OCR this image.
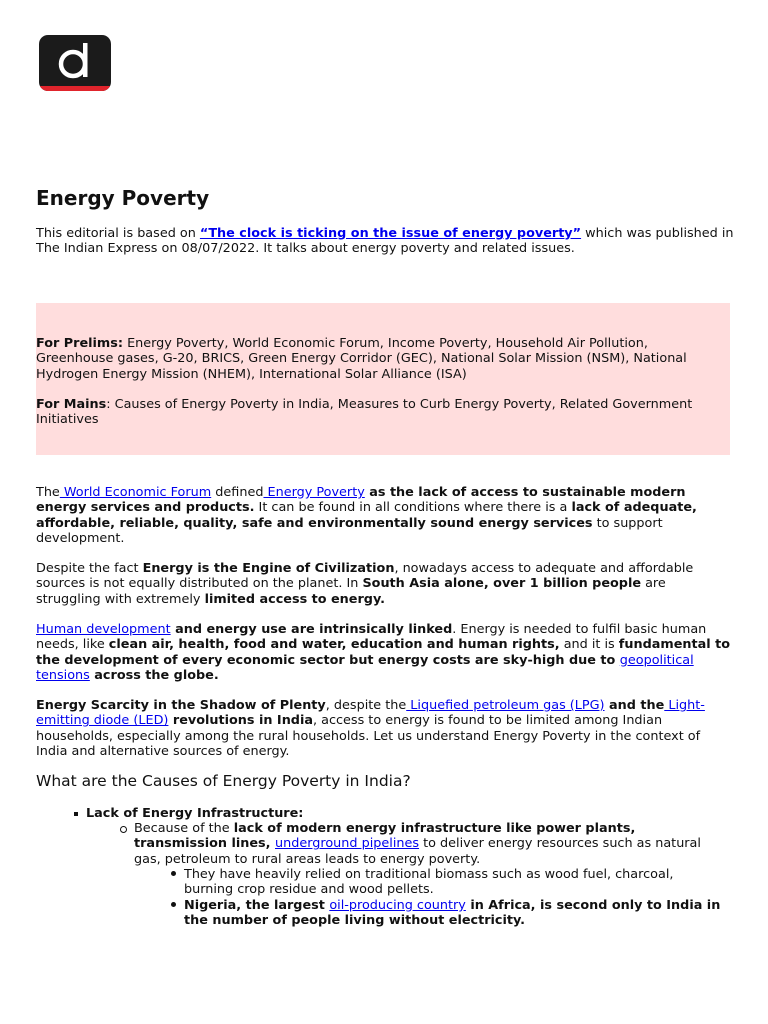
Energy Poverty

This editorial is based on “The clock is ticking on the issue of energy poverty” which was published in The Indian Express on 08/07/2022. It talks about energy poverty and related issues.

For Prelims: Energy Poverty, World Economic Forum, Income Poverty, Household Air Pollution, Greenhouse gases, G-20, BRICS, Green Energy Corridor (GEC), National Solar Mission (NSM), National Hydrogen Energy Mission (NHEM), International Solar Alliance (ISA)

For Mains: Causes of Energy Poverty in India, Measures to Curb Energy Poverty, Related Government Initiatives

The World Economic Forum defined Energy Poverty as the lack of access to sustainable modern energy services and products. It can be found in all conditions where there is a lack of adequate, affordable, reliable, quality, safe and environmentally sound energy services to support development.

Despite the fact Energy is the Engine of Civilization, nowadays access to adequate and affordable sources is not equally distributed on the planet. In South Asia alone, over 1 billion people are struggling with extremely limited access to energy.

Human development and energy use are intrinsically linked. Energy is needed to fulfil basic human needs, like clean air, health, food and water, education and human rights, and it is fundamental to the development of every economic sector but energy costs are sky-high due to geopolitical tensions across the globe.

Energy Scarcity in the Shadow of Plenty, despite the Liquefied petroleum gas (LPG) and the Light-emitting diode (LED) revolutions in India, access to energy is found to be limited among Indian households, especially among the rural households. Let us understand Energy Poverty in the context of India and alternative sources of energy.

What are the Causes of Energy Poverty in India?
Lack of Energy Infrastructure:
Because of the lack of modern energy infrastructure like power plants, transmission lines, underground pipelines to deliver energy resources such as natural gas, petroleum to rural areas leads to energy poverty.
They have heavily relied on traditional biomass such as wood fuel, charcoal, burning crop residue and wood pellets.
Nigeria, the largest oil-producing country in Africa, is second only to India in the number of people living without electricity.
